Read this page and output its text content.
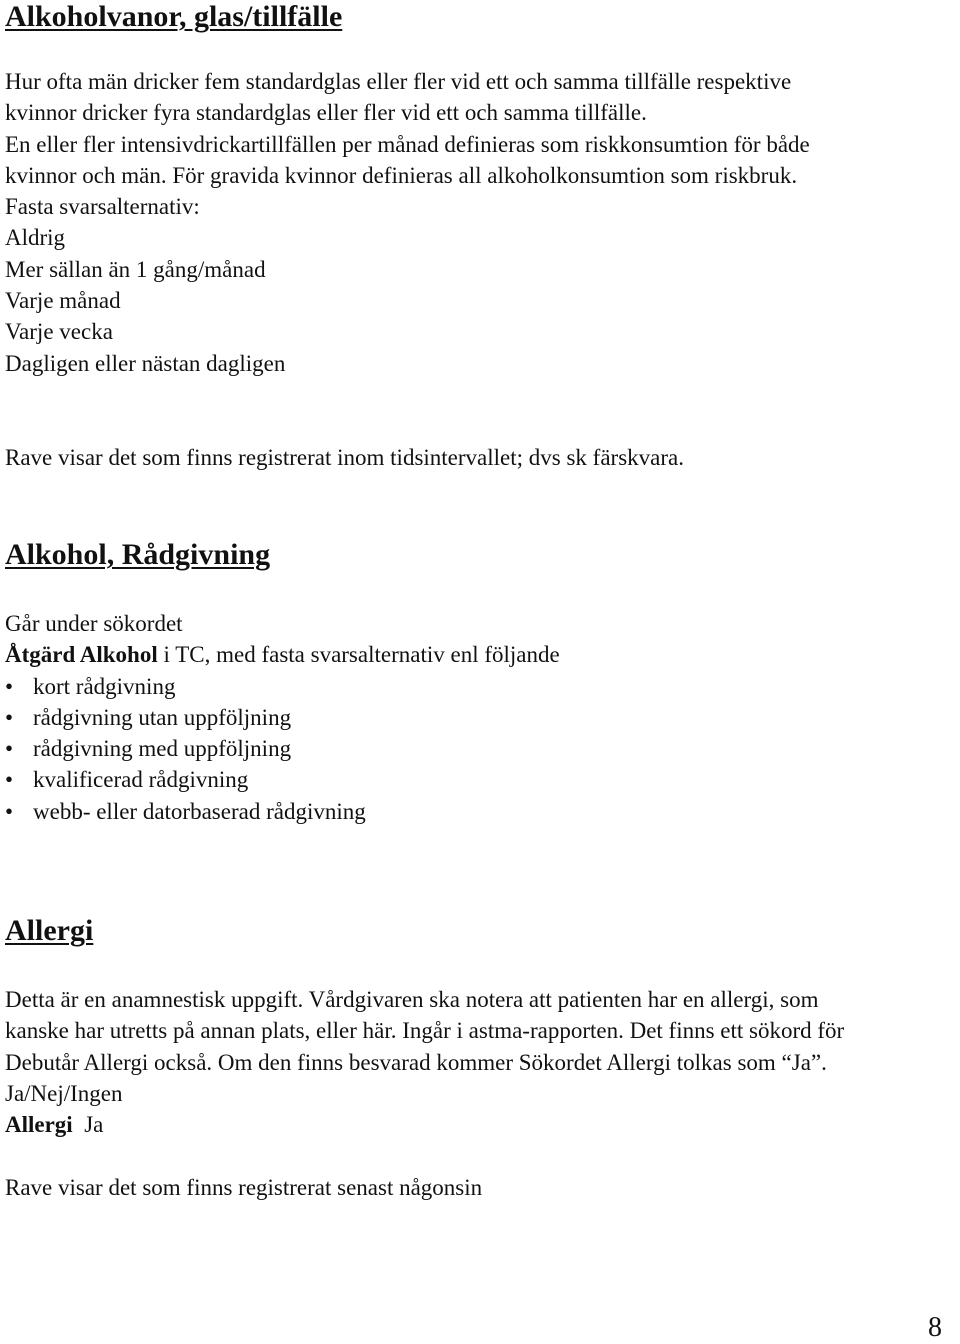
Alkoholvanor, glas/tillfälle
Hur ofta män dricker fem standardglas eller fler vid ett och samma tillfälle respektive
kvinnor dricker fyra standardglas eller fler vid ett och samma tillfälle.
En eller fler intensivdrickartillfällen per månad definieras som riskkonsumtion för både
kvinnor och män. För gravida kvinnor definieras all alkoholkonsumtion som riskbruk.
Fasta svarsalternativ:
Aldrig
Mer sällan än 1 gång/månad
Varje månad
Varje vecka
Dagligen eller nästan dagligen
Rave visar det som finns registrerat inom tidsintervallet; dvs sk färskvara.
Alkohol, Rådgivning
Går under sökordet
Åtgärd Alkohol i TC, med fasta svarsalternativ enl följande
• kort rådgivning
• rådgivning utan uppföljning
• rådgivning med uppföljning
• kvalificerad rådgivning
• webb- eller datorbaserad rådgivning
Allergi
Detta är en anamnestisk uppgift. Vårdgivaren ska notera att patienten har en allergi, som
kanske har utretts på annan plats, eller här. Ingår i astma-rapporten. Det finns ett sökord för
Debutår Allergi också. Om den finns besvarad kommer Sökordet Allergi tolkas som “Ja”.
Ja/Nej/Ingen
Allergi Ja
Rave visar det som finns registrerat senast någonsin
8
